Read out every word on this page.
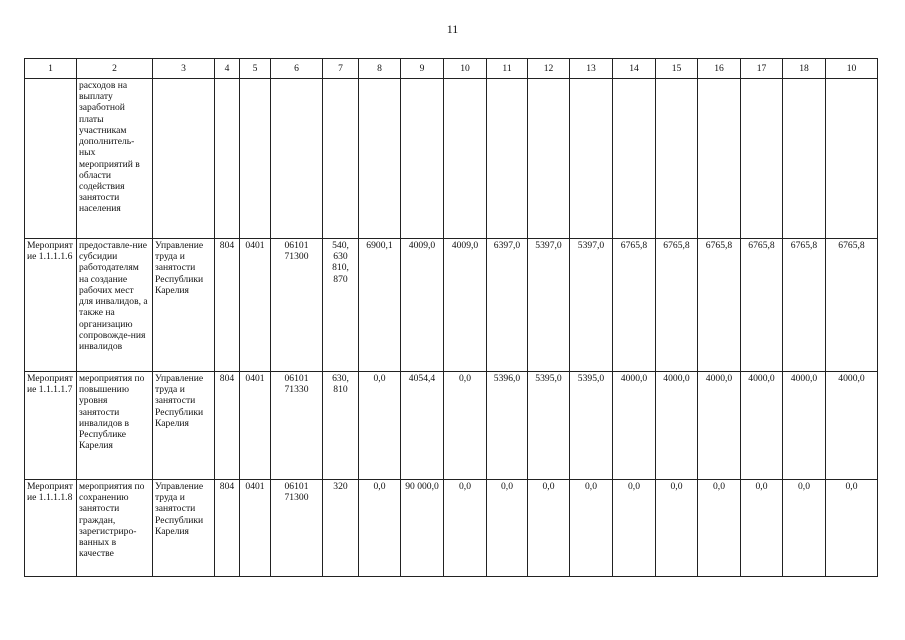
11
1	2	3	4	5	6	7	8	9	10	11	12	13	14	15	16	17	18	10
	расходов на выплату заработной платы участникам дополнитель-ных мероприятий в области содействия занятости населения																	
Мероприятие 1.1.1.1.6	предоставле-ние субсидии работодателям на создание рабочих мест для инвалидов, а также на организацию сопровожде-ния инвалидов	Управление труда и занятости Республики Карелия	804	0401	06101 71300	540, 630 810, 870	6900,1	4009,0	4009,0	6397,0	5397,0	5397,0	6765,8	6765,8	6765,8	6765,8	6765,8	6765,8
Мероприятие 1.1.1.1.7	мероприятия по повышению уровня занятости инвалидов в Республике Карелия	Управление труда и занятости Республики Карелия	804	0401	06101 71330	630, 810	0,0	4054,4	0,0	5396,0	5395,0	5395,0	4000,0	4000,0	4000,0	4000,0	4000,0	4000,0
Мероприятие 1.1.1.1.8	мероприятия по сохранению занятости граждан, зарегистриро-ванных в качестве	Управление труда и занятости Республики Карелия	804	0401	06101 71300	320	0,0	90 000,0	0,0	0,0	0,0	0,0	0,0	0,0	0,0	0,0	0,0	0,0
